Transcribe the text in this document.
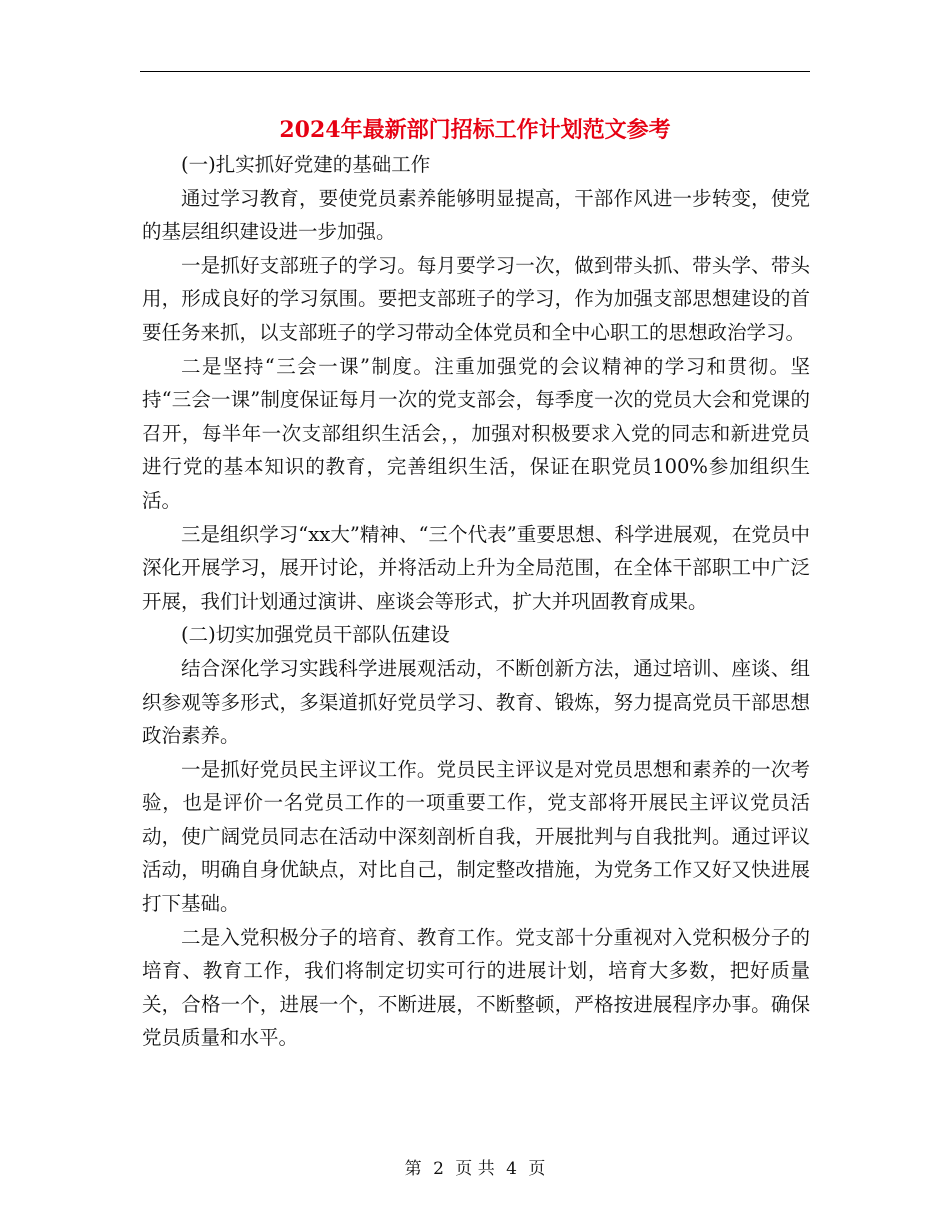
2024年最新部门招标工作计划范文参考

(一)扎实抓好党建的基础工作

通过学习教育，要使党员素养能够明显提高，干部作风进一步转变，使党的基层组织建设进一步加强。

一是抓好支部班子的学习。每月要学习一次，做到带头抓、带头学、带头用，形成良好的学习氛围。要把支部班子的学习，作为加强支部思想建设的首要任务来抓，以支部班子的学习带动全体党员和全中心职工的思想政治学习。

二是坚持“三会一课”制度。注重加强党的会议精神的学习和贯彻。坚持“三会一课”制度保证每月一次的党支部会，每季度一次的党员大会和党课的召开，每半年一次支部组织生活会，，加强对积极要求入党的同志和新进党员进行党的基本知识的教育，完善组织生活，保证在职党员100%参加组织生活。

三是组织学习“xx大”精神、“三个代表”重要思想、科学进展观，在党员中深化开展学习，展开讨论，并将活动上升为全局范围，在全体干部职工中广泛开展，我们计划通过演讲、座谈会等形式，扩大并巩固教育成果。

(二)切实加强党员干部队伍建设

结合深化学习实践科学进展观活动，不断创新方法，通过培训、座谈、组织参观等多形式，多渠道抓好党员学习、教育、锻炼，努力提高党员干部思想政治素养。

一是抓好党员民主评议工作。党员民主评议是对党员思想和素养的一次考验，也是评价一名党员工作的一项重要工作，党支部将开展民主评议党员活动，使广阔党员同志在活动中深刻剖析自我，开展批判与自我批判。通过评议活动，明确自身优缺点，对比自己，制定整改措施，为党务工作又好又快进展打下基础。

二是入党积极分子的培育、教育工作。党支部十分重视对入党积极分子的培育、教育工作，我们将制定切实可行的进展计划，培育大多数，把好质量关，合格一个，进展一个，不断进展，不断整顿，严格按进展程序办事。确保党员质量和水平。

第 2 页 共 4 页
